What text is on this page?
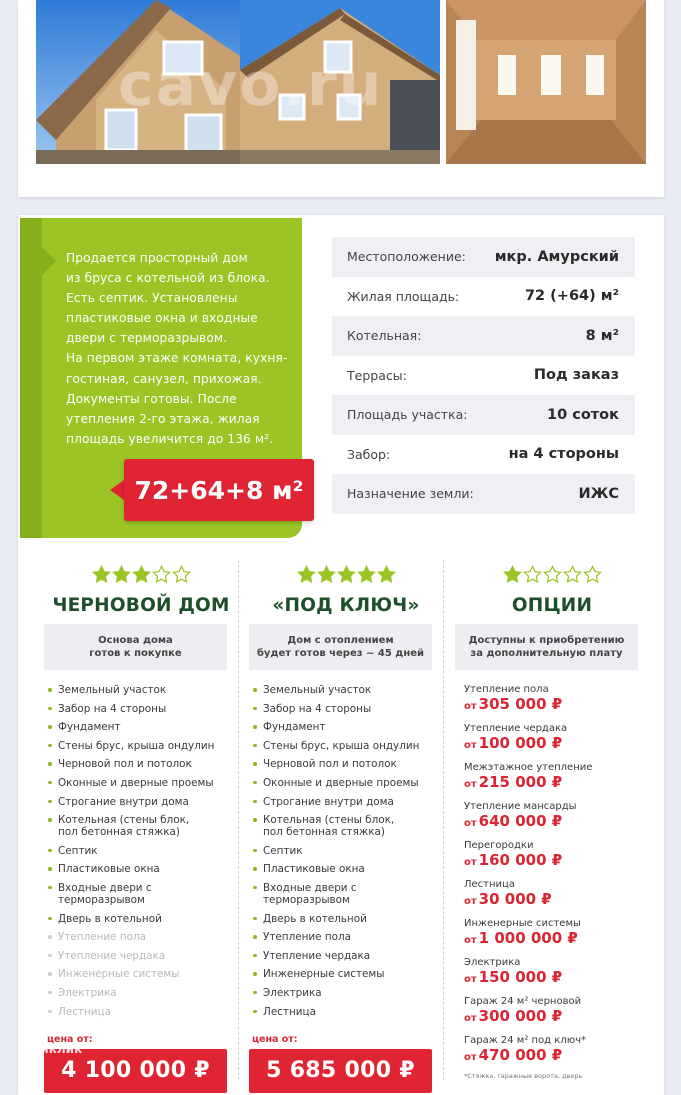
cavo.ru
Продается просторный дом
из бруса с котельной из блока.
Есть септик. Установлены
пластиковые окна и входные
двери с терморазрывом.
На первом этаже комната, кухня-
гостиная, санузел, прихожая.
Документы готовы. После
утепления 2-го этажа, жилая
площадь увеличится до 136 м².
72+64+8 м²
Местоположение: мкр. Амурский
Жилая площадь:	72 (+64) м²
Котельная:	8 м²
Террасы:	Под заказ
Площадь участка:	10 соток
Забор:	на 4 стороны
Назначение земли:	ИЖС
ЧЕРНОВОЙ ДОМ
Основа дома
готов к покупке
Земельный участок
Забор на 4 стороны
Фундамент
Стены брус, крыша ондулин
Черновой пол и потолок
Оконные и дверные проемы
Строгание внутри дома
Котельная (стены блок,
пол бетонная стяжка)
Септик
Пластиковые окна
Входные двери с терморазрывом
Дверь в котельной
Утепление пола
Утепление чердака
Инженерные системы
Электрика
Лестница
цена от:
4 100 000 ₽
«ПОД КЛЮЧ»
Дом с отоплением
будет готов через ~ 45 дней
Земельный участок
Забор на 4 стороны
Фундамент
Стены брус, крыша ондулин
Черновой пол и потолок
Оконные и дверные проемы
Строгание внутри дома
Котельная (стены блок,
пол бетонная стяжка)
Септик
Пластиковые окна
Входные двери с терморазрывом
Дверь в котельной
Утепление пола
Утепление чердака
Инженерные системы
Электрика
Лестница
цена от:
5 685 000 ₽
ОПЦИИ
Доступны к приобретению
за дополнительную плату
Утепление пола
от 305 000 ₽
Утепление чердака
от 100 000 ₽
Межэтажное утепление
от 215 000 ₽
Утепление мансарды
от 640 000 ₽
Перегородки
от 160 000 ₽
Лестница
от 30 000 ₽
Инженерные системы
от 1 000 000 ₽
Электрика
от 150 000 ₽
Гараж 24 м² черновой
от 300 000 ₽
Гараж 24 м² под ключ*
от 470 000 ₽
*Стяжка, гаражные ворота, дверь
Домклик
